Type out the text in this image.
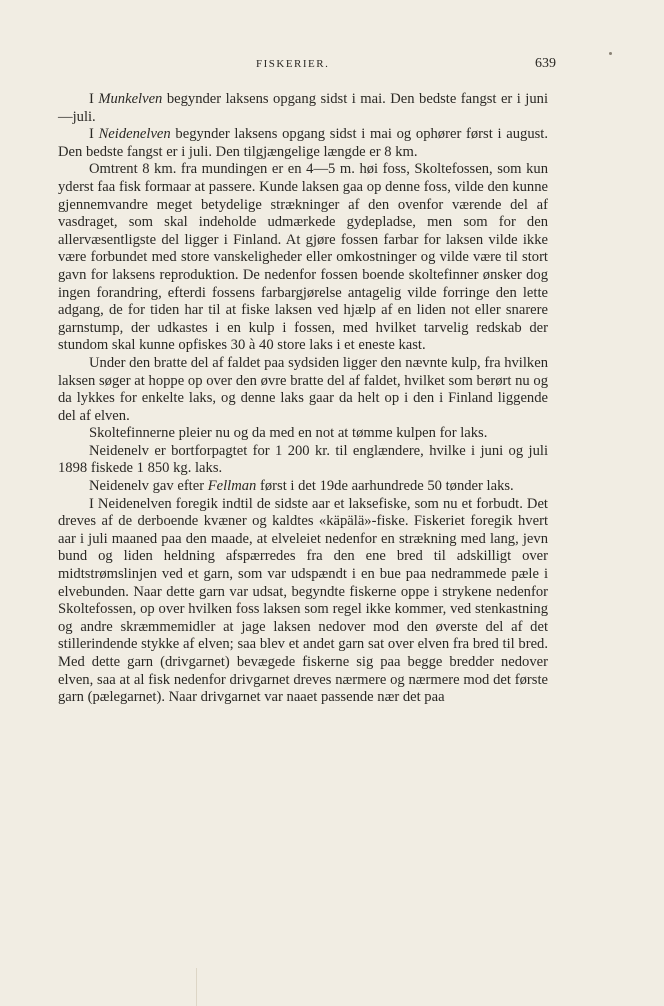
FISKERIER.	639

I Munkelven begynder laksens opgang sidst i mai. Den bedste fangst er i juni—juli.

I Neidenelven begynder laksens opgang sidst i mai og ophører først i august. Den bedste fangst er i juli. Den tilgjængelige længde er 8 km.

Omtrent 8 km. fra mundingen er en 4—5 m. høi foss, Skoltefossen, som kun yderst faa fisk formaar at passere. Kunde laksen gaa op denne foss, vilde den kunne gjennemvandre meget betydelige strækninger af den ovenfor værende del af vasdraget, som skal indeholde udmærkede gydepladse, men som for den allervæsentligste del ligger i Finland. At gjøre fossen farbar for laksen vilde ikke være forbundet med store vanskeligheder eller omkostninger og vilde være til stort gavn for laksens reproduktion. De nedenfor fossen boende skoltefinner ønsker dog ingen forandring, efterdi fossens farbargjørelse antagelig vilde forringe den lette adgang, de for tiden har til at fiske laksen ved hjælp af en liden not eller snarere garnstump, der udkastes i en kulp i fossen, med hvilket tarvelig redskab der stundom skal kunne opfiskes 30 à 40 store laks i et eneste kast.

Under den bratte del af faldet paa sydsiden ligger den nævnte kulp, fra hvilken laksen søger at hoppe op over den øvre bratte del af faldet, hvilket som berørt nu og da lykkes for enkelte laks, og denne laks gaar da helt op i den i Finland liggende del af elven.

Skoltefinnerne pleier nu og da med en not at tømme kulpen for laks.

Neidenelv er bortforpagtet for 1 200 kr. til englændere, hvilke i juni og juli 1898 fiskede 1 850 kg. laks.

Neidenelv gav efter Fellman først i det 19de aarhundrede 50 tønder laks.

I Neidenelven foregik indtil de sidste aar et laksefiske, som nu et forbudt. Det dreves af de derboende kvæner og kaldtes «käpälä»-fiske. Fiskeriet foregik hvert aar i juli maaned paa den maade, at elveleiet nedenfor en strækning med lang, jevn bund og liden heldning afspærredes fra den ene bred til adskilligt over midtstrømslinjen ved et garn, som var udspændt i en bue paa nedrammede pæle i elvebunden. Naar dette garn var udsat, begyndte fiskerne oppe i strykene nedenfor Skoltefossen, op over hvilken foss laksen som regel ikke kommer, ved stenkastning og andre skræmmemidler at jage laksen nedover mod den øverste del af det stillerindende stykke af elven; saa blev et andet garn sat over elven fra bred til bred. Med dette garn (drivgarnet) bevægede fiskerne sig paa begge bredder nedover elven, saa at al fisk nedenfor drivgarnet dreves nærmere og nærmere mod det første garn (pælegarnet). Naar drivgarnet var naaet passende nær det paa
